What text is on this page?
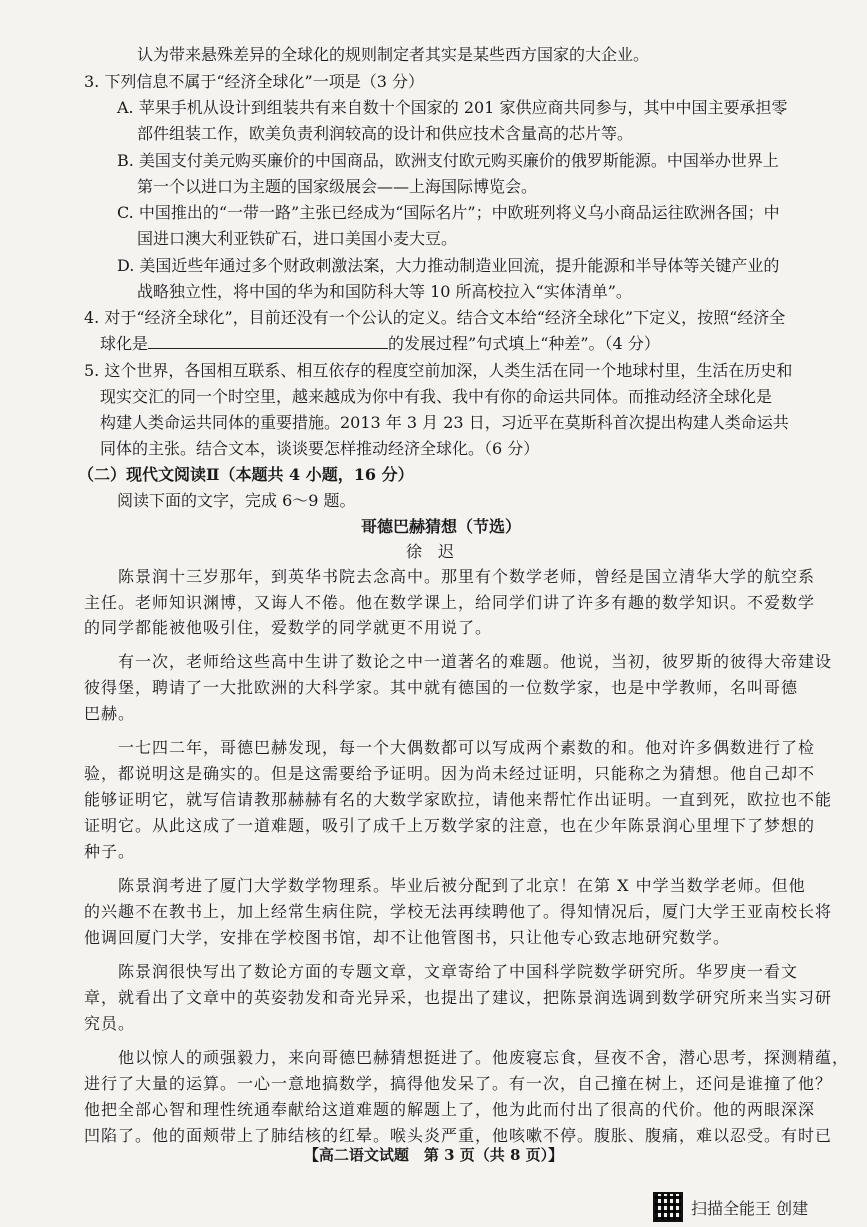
认为带来悬殊差异的全球化的规则制定者其实是某些西方国家的大企业。
3. 下列信息不属于“经济全球化”一项是（3 分）
A. 苹果手机从设计到组装共有来自数十个国家的 201 家供应商共同参与，其中中国主要承担零
部件组装工作，欧美负责利润较高的设计和供应技术含量高的芯片等。
B. 美国支付美元购买廉价的中国商品，欧洲支付欧元购买廉价的俄罗斯能源。中国举办世界上
第一个以进口为主题的国家级展会——上海国际博览会。
C. 中国推出的“一带一路”主张已经成为“国际名片”；中欧班列将义乌小商品运往欧洲各国；中
国进口澳大利亚铁矿石，进口美国小麦大豆。
D. 美国近些年通过多个财政刺激法案，大力推动制造业回流，提升能源和半导体等关键产业的
战略独立性，将中国的华为和国防科大等 10 所高校拉入“实体清单”。
4. 对于“经济全球化”，目前还没有一个公认的定义。结合文本给“经济全球化”下定义，按照“经济全
球化是	的发展过程”句式填上“种差”。（4 分）
5. 这个世界，各国相互联系、相互依存的程度空前加深，人类生活在同一个地球村里，生活在历史和
现实交汇的同一个时空里，越来越成为你中有我、我中有你的命运共同体。而推动经济全球化是
构建人类命运共同体的重要措施。2013 年 3 月 23 日，习近平在莫斯科首次提出构建人类命运共
同体的主张。结合文本，谈谈要怎样推动经济全球化。（6 分）
（二）现代文阅读Ⅱ（本题共 4 小题，16 分）
阅读下面的文字，完成 6～9 题。
哥德巴赫猜想（节选）
徐　迟
陈景润十三岁那年，到英华书院去念高中。那里有个数学老师，曾经是国立清华大学的航空系
主任。老师知识渊博，又诲人不倦。他在数学课上，给同学们讲了许多有趣的数学知识。不爱数学
的同学都能被他吸引住，爱数学的同学就更不用说了。
有一次，老师给这些高中生讲了数论之中一道著名的难题。他说，当初，彼罗斯的彼得大帝建设
彼得堡，聘请了一大批欧洲的大科学家。其中就有德国的一位数学家，也是中学教师，名叫哥德
巴赫。
一七四二年，哥德巴赫发现，每一个大偶数都可以写成两个素数的和。他对许多偶数进行了检
验，都说明这是确实的。但是这需要给予证明。因为尚未经过证明，只能称之为猜想。他自己却不
能够证明它，就写信请教那赫赫有名的大数学家欧拉，请他来帮忙作出证明。一直到死，欧拉也不能
证明它。从此这成了一道难题，吸引了成千上万数学家的注意，也在少年陈景润心里埋下了梦想的
种子。
陈景润考进了厦门大学数学物理系。毕业后被分配到了北京！在第 X 中学当数学老师。但他
的兴趣不在教书上，加上经常生病住院，学校无法再续聘他了。得知情况后，厦门大学王亚南校长将
他调回厦门大学，安排在学校图书馆，却不让他管图书，只让他专心致志地研究数学。
陈景润很快写出了数论方面的专题文章，文章寄给了中国科学院数学研究所。华罗庚一看文
章，就看出了文章中的英姿勃发和奇光异采，也提出了建议，把陈景润选调到数学研究所来当实习研
究员。
他以惊人的顽强毅力，来向哥德巴赫猜想挺进了。他废寝忘食，昼夜不舍，潜心思考，探测精蕴，
进行了大量的运算。一心一意地搞数学，搞得他发呆了。有一次，自己撞在树上，还问是谁撞了他？
他把全部心智和理性统通奉献给这道难题的解题上了，他为此而付出了很高的代价。他的两眼深深
凹陷了。他的面颊带上了肺结核的红晕。喉头炎严重，他咳嗽不停。腹胀、腹痛，难以忍受。有时已
【高二语文试题　第 3 页（共 8 页）】
扫描全能王 创建
